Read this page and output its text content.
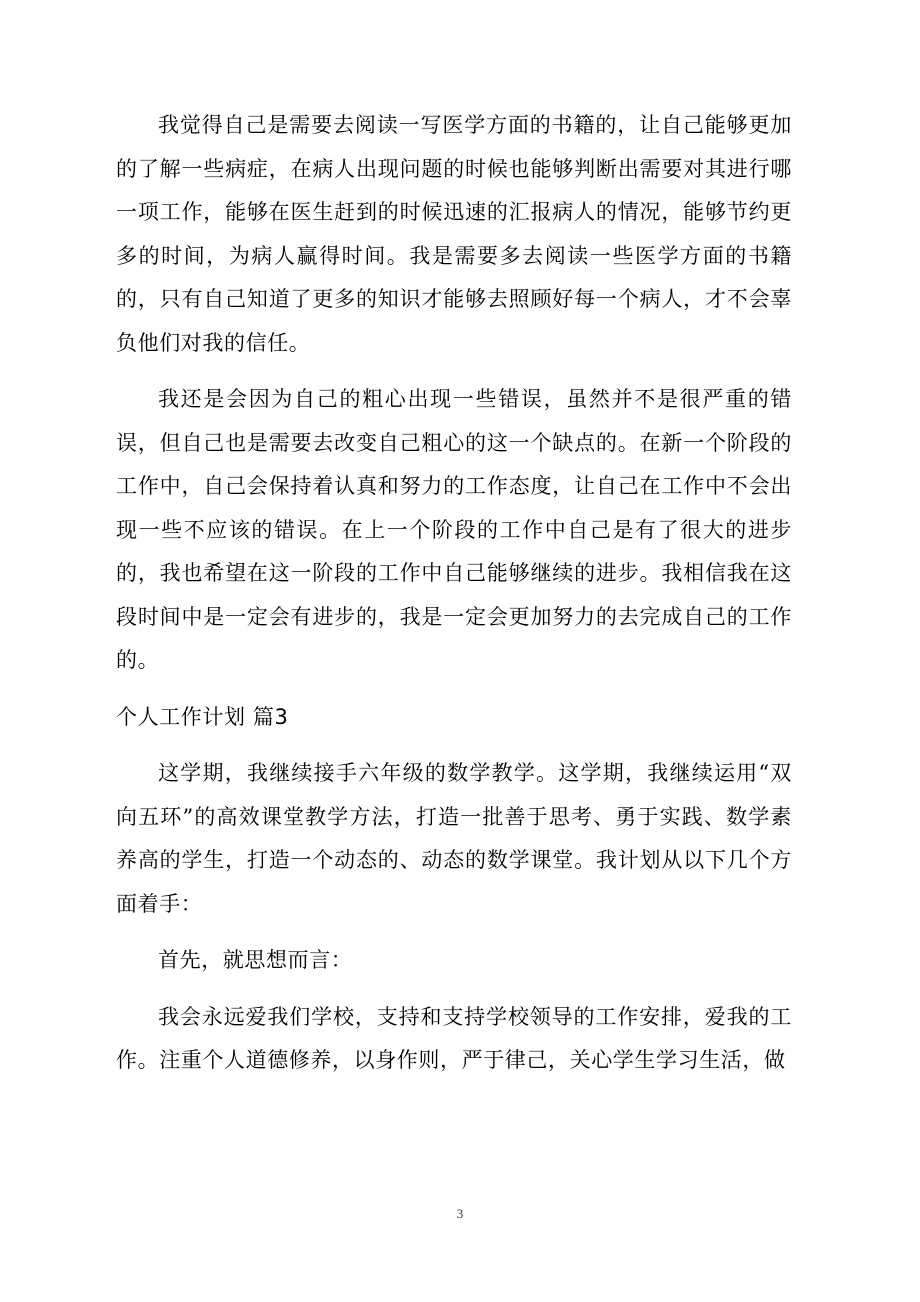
我觉得自己是需要去阅读一写医学方面的书籍的，让自己能够更加的了解一些病症，在病人出现问题的时候也能够判断出需要对其进行哪一项工作，能够在医生赶到的时候迅速的汇报病人的情况，能够节约更多的时间，为病人赢得时间。我是需要多去阅读一些医学方面的书籍的，只有自己知道了更多的知识才能够去照顾好每一个病人，才不会辜负他们对我的信任。

我还是会因为自己的粗心出现一些错误，虽然并不是很严重的错误，但自己也是需要去改变自己粗心的这一个缺点的。在新一个阶段的工作中，自己会保持着认真和努力的工作态度，让自己在工作中不会出现一些不应该的错误。在上一个阶段的工作中自己是有了很大的进步的，我也希望在这一阶段的工作中自己能够继续的进步。我相信我在这段时间中是一定会有进步的，我是一定会更加努力的去完成自己的工作的。

个人工作计划 篇3

这学期，我继续接手六年级的数学教学。这学期，我继续运用“双向五环”的高效课堂教学方法，打造一批善于思考、勇于实践、数学素养高的学生，打造一个动态的、动态的数学课堂。我计划从以下几个方面着手：

首先，就思想而言：

我会永远爱我们学校，支持和支持学校领导的工作安排，爱我的工作。注重个人道德修养，以身作则，严于律己，关心学生学习生活，做

3
